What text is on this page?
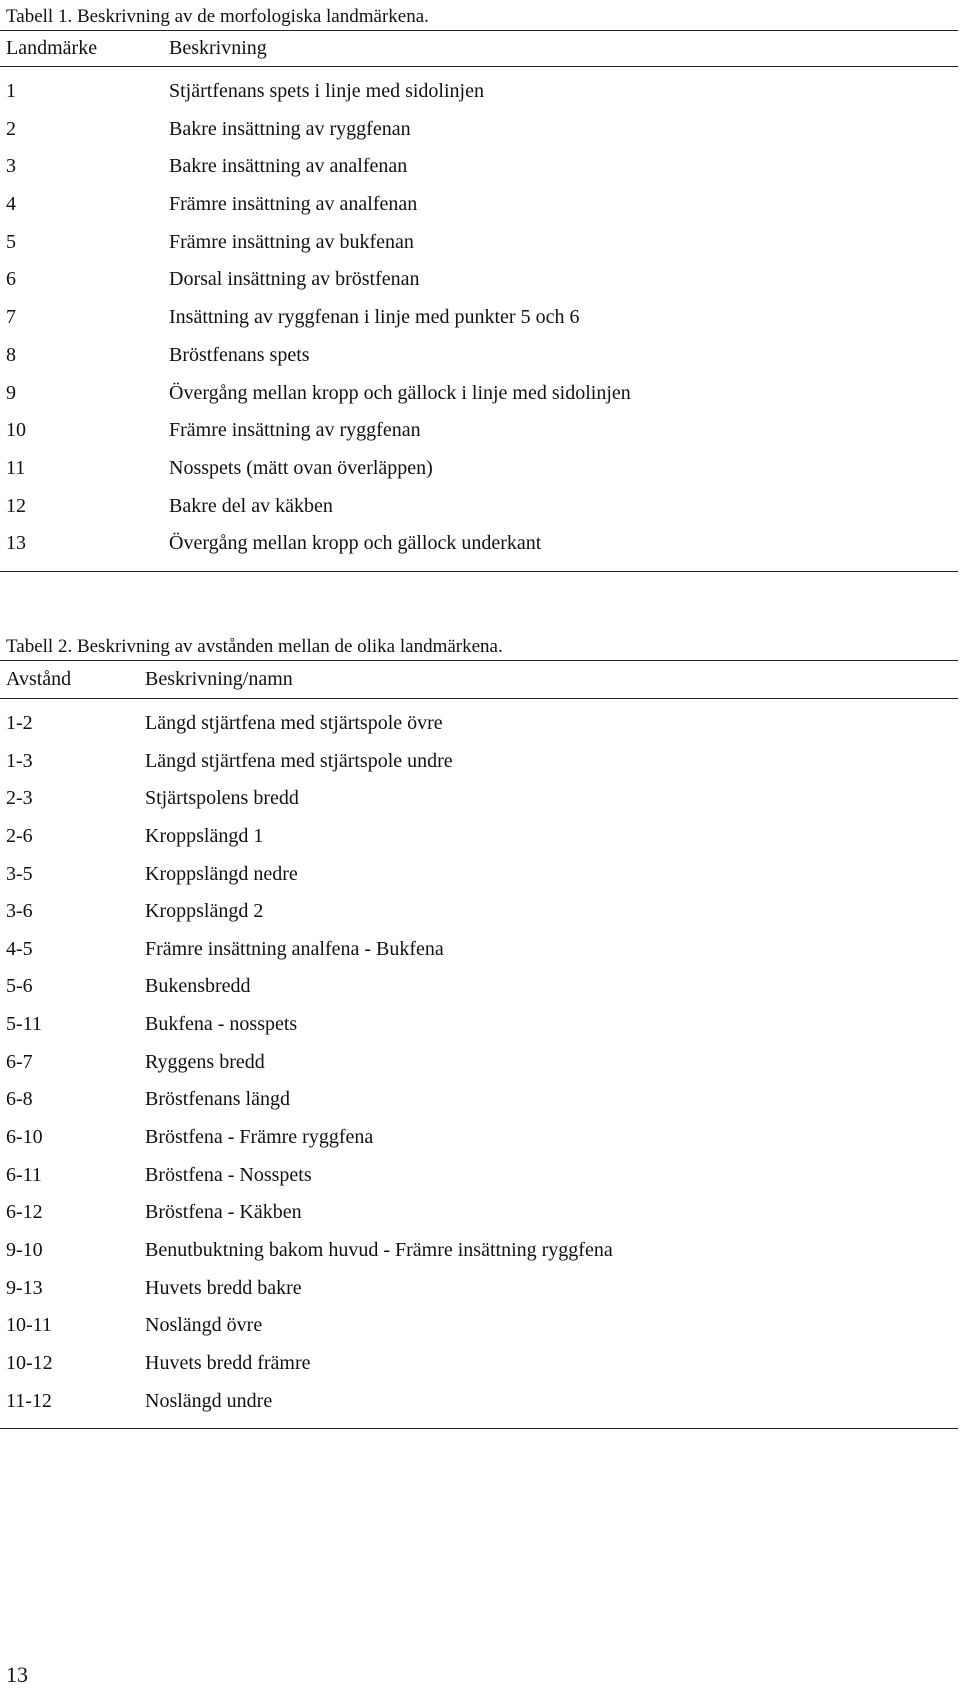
Tabell 1. Beskrivning av de morfologiska landmärkena.
Landmärke	Beskrivning
1	Stjärtfenans spets i linje med sidolinjen
2	Bakre insättning av ryggfenan
3	Bakre insättning av analfenan
4	Främre insättning av analfenan
5	Främre insättning av bukfenan
6	Dorsal insättning av bröstfenan
7	Insättning av ryggfenan i linje med punkter 5 och 6
8	Bröstfenans spets
9	Övergång mellan kropp och gällock i linje med sidolinjen
10	Främre insättning av ryggfenan
11	Nosspets (mätt ovan överläppen)
12	Bakre del av käkben
13	Övergång mellan kropp och gällock underkant
Tabell 2. Beskrivning av avstånden mellan de olika landmärkena.
Avstånd	Beskrivning/namn
1-2	Längd stjärtfena med stjärtspole övre
1-3	Längd stjärtfena med stjärtspole undre
2-3	Stjärtspolens bredd
2-6	Kroppslängd 1
3-5	Kroppslängd nedre
3-6	Kroppslängd 2
4-5	Främre insättning analfena - Bukfena
5-6	Bukensbredd
5-11	Bukfena - nosspets
6-7	Ryggens bredd
6-8	Bröstfenans längd
6-10	Bröstfena - Främre ryggfena
6-11	Bröstfena - Nosspets
6-12	Bröstfena - Käkben
9-10	Benutbuktning bakom huvud - Främre insättning ryggfena
9-13	Huvets bredd bakre
10-11	Noslängd övre
10-12	Huvets bredd främre
11-12	Noslängd undre
13
